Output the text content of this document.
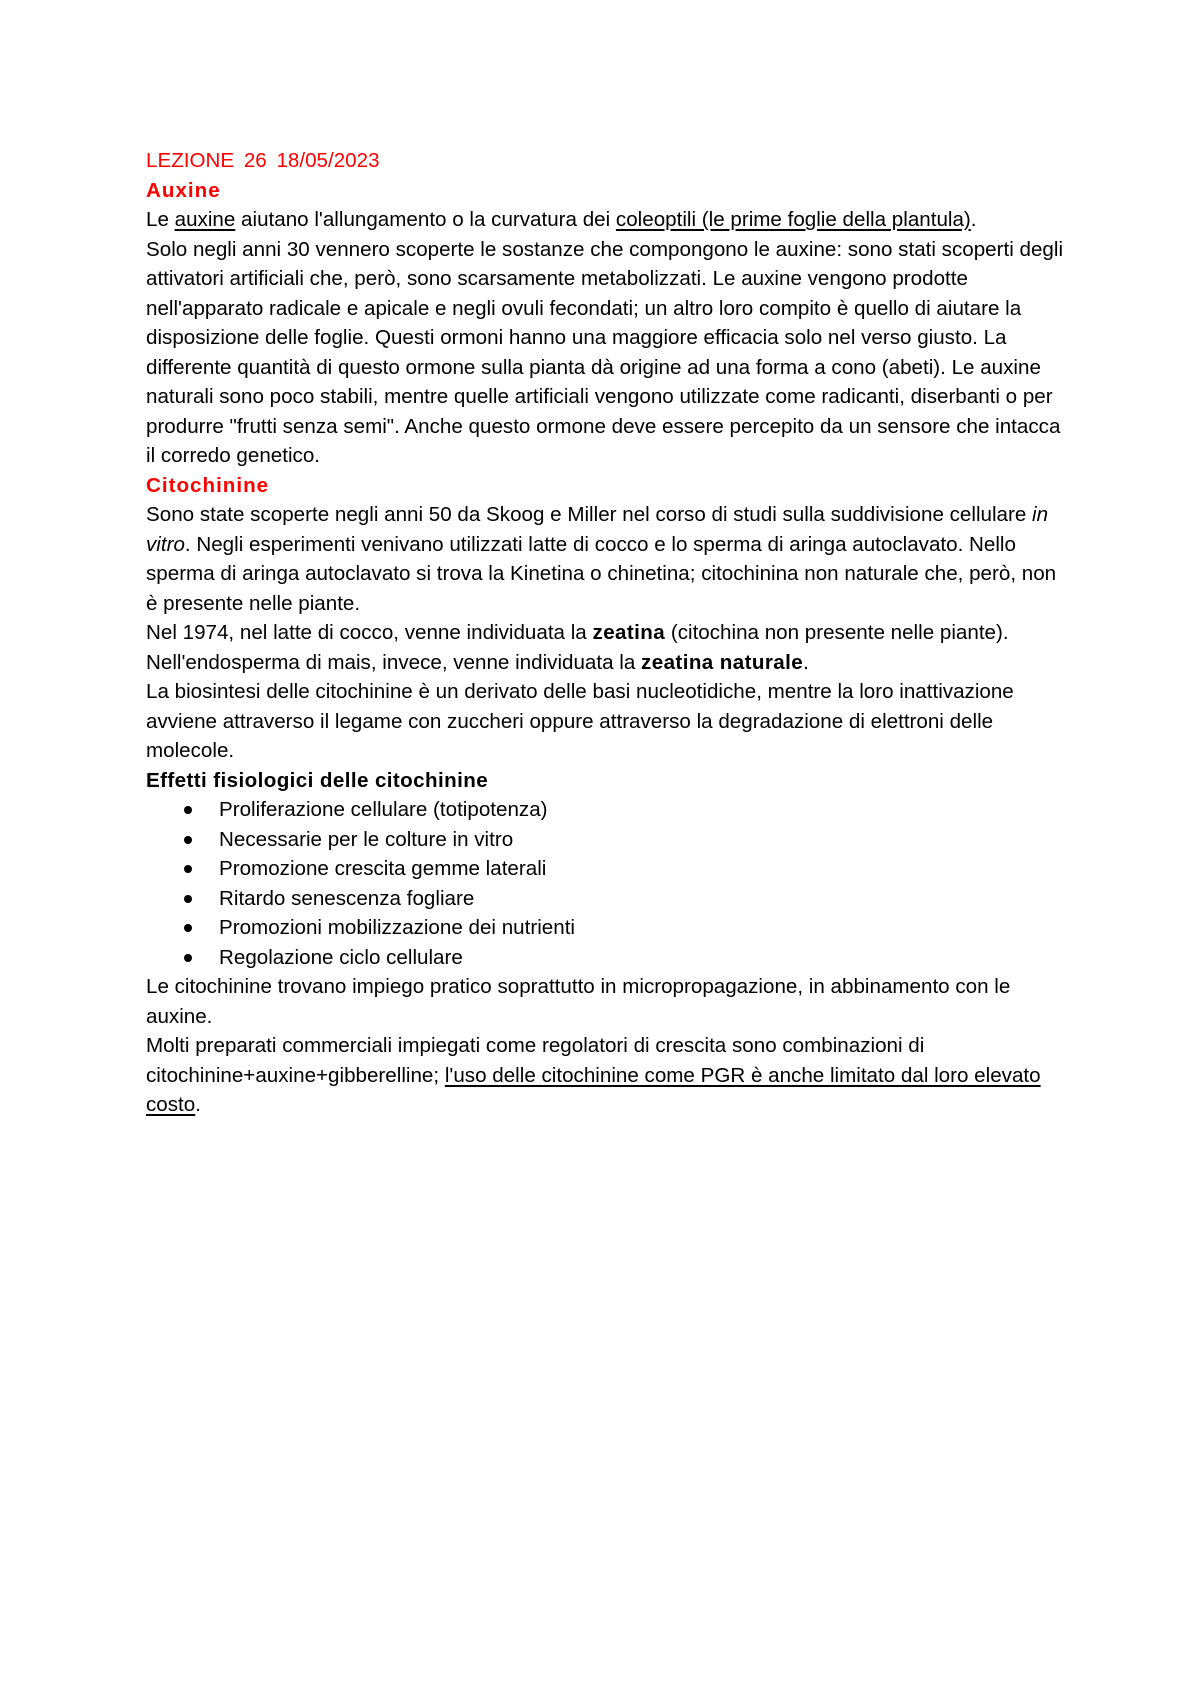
LEZIONE 26 18/05/2023

Auxine

Le auxine aiutano l'allungamento o la curvatura dei coleoptili (le prime foglie della plantula).

Solo negli anni 30 vennero scoperte le sostanze che compongono le auxine: sono stati scoperti degli attivatori artificiali che, però, sono scarsamente metabolizzati. Le auxine vengono prodotte nell'apparato radicale e apicale e negli ovuli fecondati; un altro loro compito è quello di aiutare la disposizione delle foglie. Questi ormoni hanno una maggiore efficacia solo nel verso giusto. La differente quantità di questo ormone sulla pianta dà origine ad una forma a cono (abeti). Le auxine naturali sono poco stabili, mentre quelle artificiali vengono utilizzate come radicanti, diserbanti o per produrre "frutti senza semi". Anche questo ormone deve essere percepito da un sensore che intacca il corredo genetico.

Citochinine

Sono state scoperte negli anni 50 da Skoog e Miller nel corso di studi sulla suddivisione cellulare in vitro. Negli esperimenti venivano utilizzati latte di cocco e lo sperma di aringa autoclavato. Nello sperma di aringa autoclavato si trova la Kinetina o chinetina; citochinina non naturale che, però, non è presente nelle piante.

Nel 1974, nel latte di cocco, venne individuata la zeatina (citochina non presente nelle piante). Nell'endosperma di mais, invece, venne individuata la zeatina naturale.

La biosintesi delle citochinine è un derivato delle basi nucleotidiche, mentre la loro inattivazione avviene attraverso il legame con zuccheri oppure attraverso la degradazione di elettroni delle molecole.

Effetti fisiologici delle citochinine

Proliferazione cellulare (totipotenza)
Necessarie per le colture in vitro
Promozione crescita gemme laterali
Ritardo senescenza fogliare
Promozioni mobilizzazione dei nutrienti
Regolazione ciclo cellulare

Le citochinine trovano impiego pratico soprattutto in micropropagazione, in abbinamento con le auxine.

Molti preparati commerciali impiegati come regolatori di crescita sono combinazioni di citochinine+auxine+gibberelline; l'uso delle citochinine come PGR è anche limitato dal loro elevato costo.
